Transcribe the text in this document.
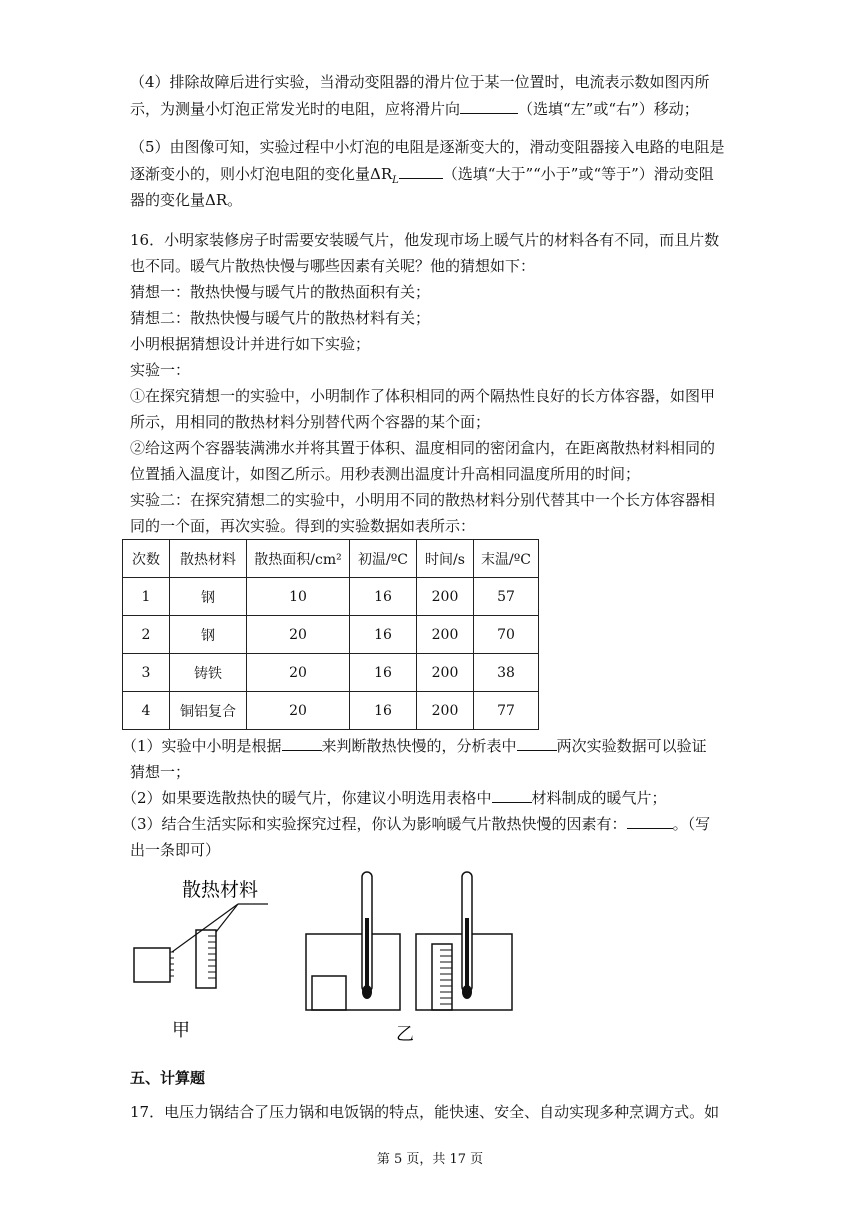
（4）排除故障后进行实验，当滑动变阻器的滑片位于某一位置时，电流表示数如图丙所
示，为测量小灯泡正常发光时的电阻，应将滑片向	（选填“左”或“右”）移动；
（5）由图像可知，实验过程中小灯泡的电阻是逐渐变大的，滑动变阻器接入电路的电阻是
逐渐变小的，则小灯泡电阻的变化量$\Delta R_L$	（选填“大于”“小于”或“等于”）滑动变阻
器的变化量ΔR。
16．小明家装修房子时需要安装暖气片，他发现市场上暖气片的材料各有不同，而且片数
也不同。暖气片散热快慢与哪些因素有关呢？他的猜想如下：
猜想一：散热快慢与暖气片的散热面积有关；
猜想二：散热快慢与暖气片的散热材料有关；
小明根据猜想设计并进行如下实验；
实验一：
①在探究猜想一的实验中，小明制作了体积相同的两个隔热性良好的长方体容器，如图甲
所示，用相同的散热材料分别替代两个容器的某个面；
②给这两个容器装满沸水并将其置于体积、温度相同的密闭盒内，在距离散热材料相同的
位置插入温度计，如图乙所示。用秒表测出温度计升高相同温度所用的时间；
实验二：在探究猜想二的实验中，小明用不同的散热材料分别代替其中一个长方体容器相
同的一个面，再次实验。得到的实验数据如表所示：
次数	散热材料	散热面积/cm²	初温/ºC	时间/s	末温/ºC
1	钢	10	16	200	57
2	钢	20	16	200	70
3	铸铁	20	16	200	38
4	铜铝复合	20	16	200	77
（1）实验中小明是根据	来判断散热快慢的，分析表中	两次实验数据可以验证
猜想一；
（2）如果要选散热快的暖气片，你建议小明选用表格中	材料制成的暖气片；
（3）结合生活实际和实验探究过程，你认为影响暖气片散热快慢的因素有：	。（写
出一条即可）
散热材料
甲	乙
五、计算题
17．电压力锅结合了压力锅和电饭锅的特点，能快速、安全、自动实现多种烹调方式。如
第 5 页，共 17 页
